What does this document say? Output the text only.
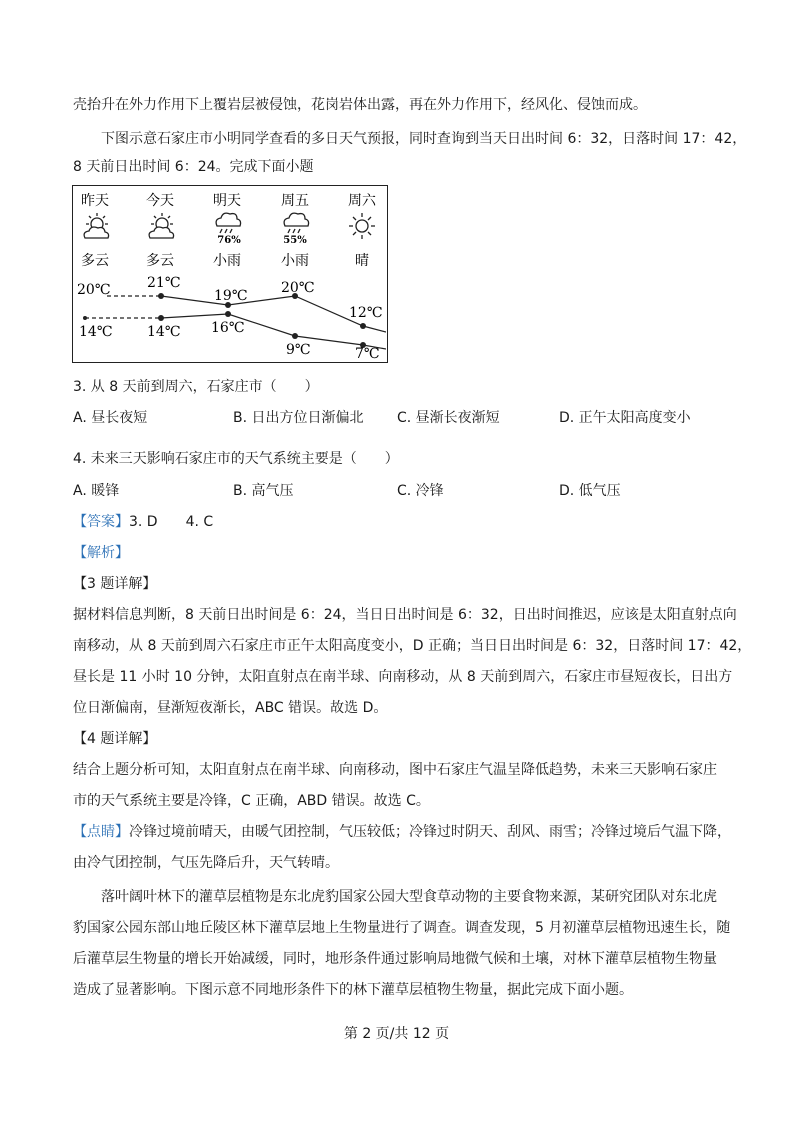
壳抬升在外力作用下上覆岩层被侵蚀，花岗岩体出露，再在外力作用下，经风化、侵蚀而成。
下图示意石家庄市小明同学查看的多日天气预报，同时查询到当天日出时间 6：32，日落时间 17：42，
8 天前日出时间 6：24。完成下面小题
昨天	今天	明天	周五	周六
76%	55%
多云	多云	小雨	小雨	晴
20℃	21℃
19℃ 20℃
12℃
14℃ 14℃ 16℃
9℃	7℃
3. 从 8 天前到周六，石家庄市（　　）
A. 昼长夜短	B. 日出方位日渐偏北 C. 昼渐长夜渐短	D. 正午太阳高度变小
4. 未来三天影响石家庄市的天气系统主要是（　　）
A. 暖锋	B. 高气压	C. 冷锋	D. 低气压
【答案】3. D　　4. C
【解析】
【3 题详解】
据材料信息判断，8 天前日出时间是 6：24，当日日出时间是 6：32，日出时间推迟，应该是太阳直射点向
南移动，从 8 天前到周六石家庄市正午太阳高度变小，D 正确；当日日出时间是 6：32，日落时间 17：42，
昼长是 11 小时 10 分钟，太阳直射点在南半球、向南移动，从 8 天前到周六，石家庄市昼短夜长，日出方
位日渐偏南，昼渐短夜渐长，ABC 错误。故选 D。
【4 题详解】
结合上题分析可知，太阳直射点在南半球、向南移动，图中石家庄气温呈降低趋势，未来三天影响石家庄
市的天气系统主要是冷锋，C 正确，ABD 错误。故选 C。
【点睛】冷锋过境前晴天，由暖气团控制，气压较低；冷锋过时阴天、刮风、雨雪；冷锋过境后气温下降，
由冷气团控制，气压先降后升，天气转晴。
落叶阔叶林下的灌草层植物是东北虎豹国家公园大型食草动物的主要食物来源，某研究团队对东北虎
豹国家公园东部山地丘陵区林下灌草层地上生物量进行了调查。调查发现，5 月初灌草层植物迅速生长，随
后灌草层生物量的增长开始减缓，同时，地形条件通过影响局地微气候和土壤，对林下灌草层植物生物量
造成了显著影响。下图示意不同地形条件下的林下灌草层植物生物量，据此完成下面小题。
第 2 页/共 12 页
